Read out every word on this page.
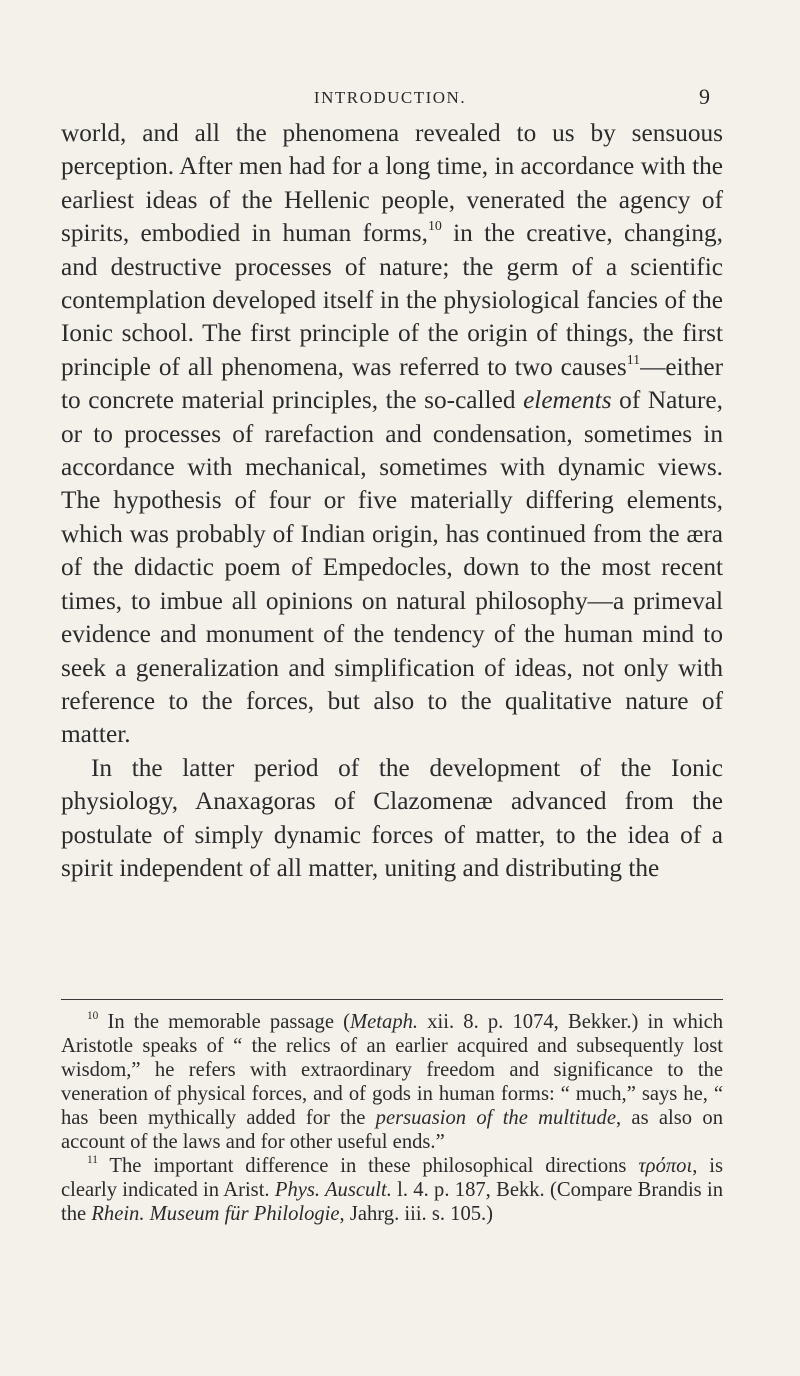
INTRODUCTION.	9

world, and all the phenomena revealed to us by sensuous perception. After men had for a long time, in accordance with the earliest ideas of the Hellenic people, venerated the agency of spirits, embodied in human forms,$^{10}$ in the creative, changing, and destructive processes of nature; the germ of a scientific contemplation developed itself in the physiological fancies of the Ionic school. The first principle of the origin of things, the first principle of all phenomena, was referred to two causes$^{11}$—either to concrete material principles, the so-called elements of Nature, or to processes of rarefaction and condensation, sometimes in accordance with mechanical, sometimes with dynamic views. The hypothesis of four or five materially differing elements, which was probably of Indian origin, has continued from the æra of the didactic poem of Empedocles, down to the most recent times, to imbue all opinions on natural philosophy—a primeval evidence and monument of the tendency of the human mind to seek a generalization and simplification of ideas, not only with reference to the forces, but also to the qualitative nature of matter.

In the latter period of the development of the Ionic physiology, Anaxagoras of Clazomenæ advanced from the postulate of simply dynamic forces of matter, to the idea of a spirit independent of all matter, uniting and distributing the

$^{10}$ In the memorable passage (Metaph. xii. 8. p. 1074, Bekker.) in which Aristotle speaks of “ the relics of an earlier acquired and subsequently lost wisdom,” he refers with extraordinary freedom and significance to the veneration of physical forces, and of gods in human forms: “ much,” says he, “ has been mythically added for the persuasion of the multitude, as also on account of the laws and for other useful ends.”

$^{11}$ The important difference in these philosophical directions τρόποι, is clearly indicated in Arist. Phys. Auscult. l. 4. p. 187, Bekk. (Compare Brandis in the Rhein. Museum für Philologie, Jahrg. iii. s. 105.)
